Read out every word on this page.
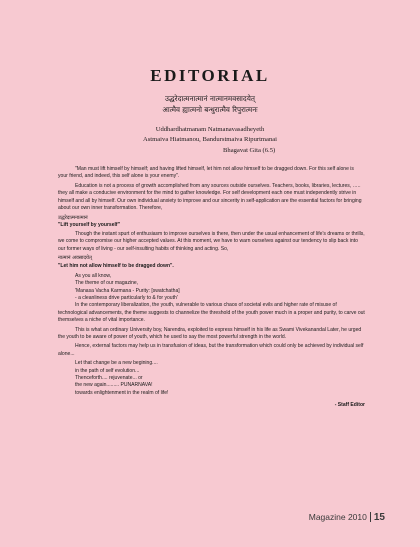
EDITORIAL
उद्धरेदात्मनात्मानं नात्मानमवसादयेत्
आत्मैव ह्यात्मनो बन्धुरात्मैव रिपुरात्मनः
Uddhardhatmanam Natmanavasadheyeth
Astmaiva Hiatmanou, Bandurstmaiva Ripurtmanai
Bhagavat Gita (6.5)

"Man must lift himself by himself; and having lifted himself, let him not allow himself to be dragged down. For this self alone is your friend, and indeed, this self alone is your enemy".

Education is not a process of growth accomplished from any sources outside ourselves. Teachers, books, libraries, lectures, ….. they all make a conducive environment for the mind to gather knowledge. For self development each one must independently strive in himself and all by himself. Our own individual anxiety to improve and our sincerity in self-application are the essential factors for bringing about our own inner transformation. Therefore,

उद्धरेदात्मनात्मानं

"Lift yourself by yourself"

Though the instant spurt of enthusiasm to improve ourselves is there, then under the usual enhancement of life's dreams or thrills, we come to compromise our higher accepted values. At this moment, we have to warn ourselves against our tendency to slip back into our former ways of living - our self-insulting habits of thinking and acting. So,

नात्मानं अवसादयेत्

"Let him not allow himself to be dragged down".

As you all know,

The theme of our magazine,

'Manasa Vacha Karmana - Purity: [swatchatha]

- a cleanliness drive particularly to & for youth'

In the contemporary liberalization, the youth, vulnerable to various chaos of societal evils and higher rate of misuse of technological advancements, the theme suggests to channelize the threshold of the youth power much in a proper and purity, to carve out themselves a niche of vital importance.

This is what an ordinary University boy, Narendra, exploited to express himself in his life as Swami Vivekanandal Later, he urged the youth to be aware of power of youth, which he used to say the most powerful strength in the world.

Hence, external factors may help us in transfusion of ideas, but the transformation which could only be achieved by individual self alone...

Let that change be a new begining....

in the path of self evolution...

Thenceforth.... rejuvenate... or

the new again......... PUNARNAVA!

towards enlightenment in the realm of life!

- Staff Editor

Magazine 2010 15
